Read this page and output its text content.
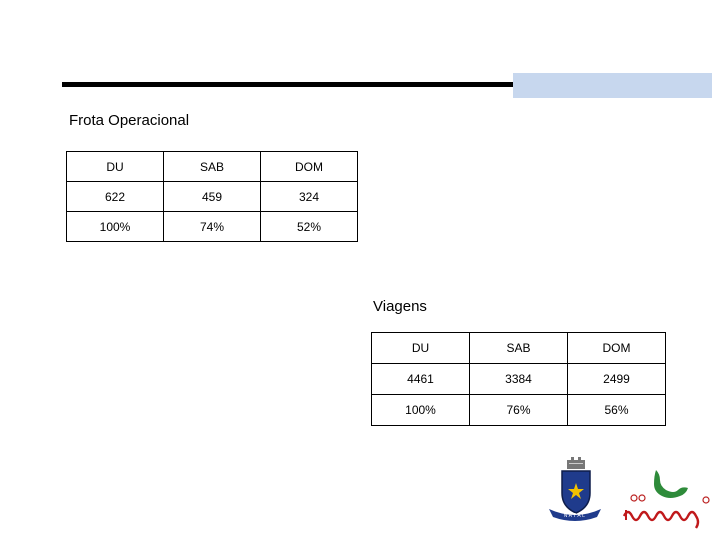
Frota Operacional
DU	SAB	DOM
622	459	324
100%	74%	52%
Viagens
DU	SAB	DOM
4461	3384	2499
100%	76%	56%
NATAL
